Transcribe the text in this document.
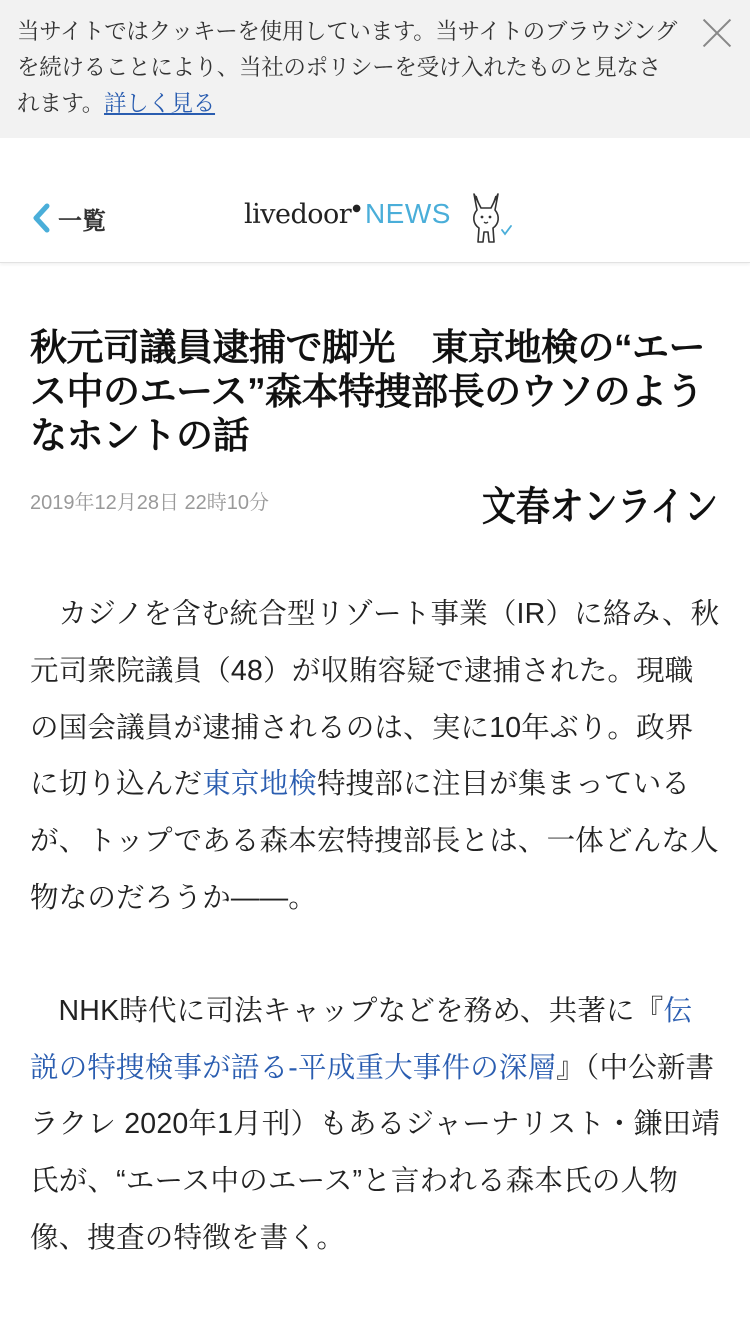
当サイトではクッキーを使用しています。当サイトのブラウジングを続けることにより、当社のポリシーを受け入れたものと見なされます。詳しく見る
一覧	livedoor ● NEWS
秋元司議員逮捕で脚光　東京地検の“エース中のエース”森本特捜部長のウソのようなホントの話
2019年12月28日 22時10分	文春オンライン

カジノを含む統合型リゾート事業（IR）に絡み、秋元司衆院議員（48）が収賄容疑で逮捕された。現職の国会議員が逮捕されるのは、実に10年ぶり。政界に切り込んだ東京地検特捜部に注目が集まっているが、トップである森本宏特捜部長とは、一体どんな人物なのだろうか――。

NHK時代に司法キャップなどを務め、共著に『伝説の特捜検事が語る-平成重大事件の深層』（中公新書ラクレ 2020年1月刊）もあるジャーナリスト・鎌田靖氏が、“エース中のエース”と言われる森本氏の人物像、捜査の特徴を書く。
